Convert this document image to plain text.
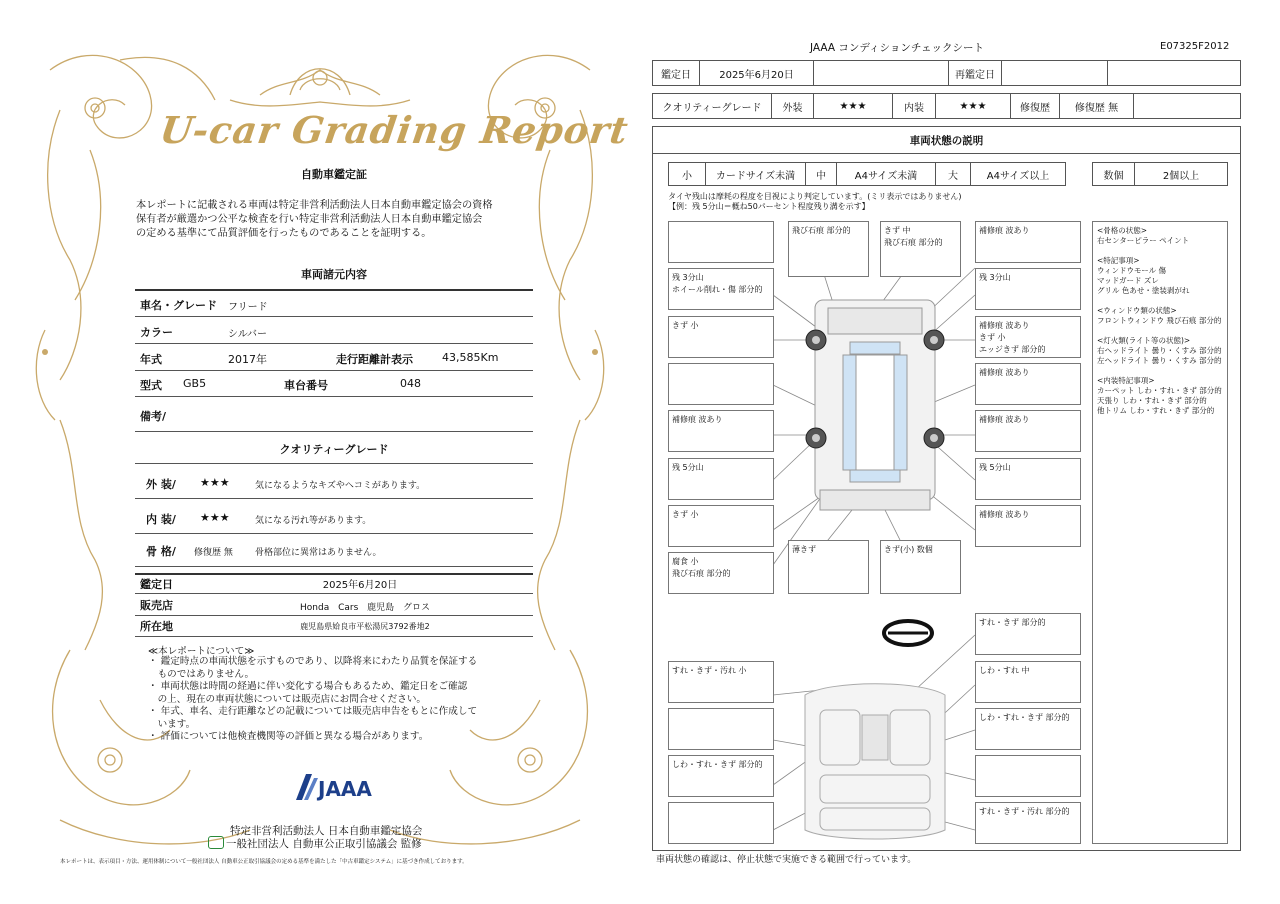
U-car Grading Report
自動車鑑定証
本レポートに記載される車両は特定非営利活動法人日本自動車鑑定協会の資格
保有者が厳選かつ公平な検査を行い特定非営利活動法人日本自動車鑑定協会
の定める基準にて品質評価を行ったものであることを証明する。
車両諸元内容
車名・グレード フリード
カラー	シルバー
年式	2017年	走行距離計表示	43,585Km
型式 GB5	車台番号	048
備考/
クオリティーグレード
外 装/ ★★★	気になるようなキズやヘコミがあります。
内 装/ ★★★	気になる汚れ等があります。
骨 格/ 修復歴 無 骨格部位に異常はありません。
鑑定日	2025年6月20日
販売店	Honda Cars 鹿児島 グロス
所在地	鹿児島県姶良市平松湯尻3792番地2
≪本レポートについて≫
・ 鑑定時点の車両状態を示すものであり、以降将来にわたり品質を保証する
　ものではありません。
・ 車両状態は時間の経過に伴い変化する場合もあるため、鑑定日をご確認
　の上、現在の車両状態については販売店にお問合せください。
・ 年式、車名、走行距離などの記載については販売店申告をもとに作成して
　います。
・ 評価については他検査機関等の評価と異なる場合があります。
JAAA
特定非営利活動法人 日本自動車鑑定協会
一般社団法人 自動車公正取引協議会 監修
本レポートは、表示項目・方法、運用体制について一般社団法人 自動車公正取引協議会の定める基準を満たした「中古車鑑定システム」に基づき作成しております。
JAAA コンディションチェックシート	E07325F2012
鑑定日	2025年6月20日	再鑑定日
クオリティーグレード	外装	★★★	内装	★★★	修復歴	修復歴 無
車両状態の説明
小	カードサイズ未満	中	A4サイズ未満	大	A4サイズ以上	数個	2個以上
タイヤ残山は摩耗の程度を目視により判定しています。(ミリ表示ではありません)
【例：残 5分山＝概ね50パーセント程度残り溝を示す】
飛び石痕 部分的	きず 中
飛び石痕 部分的
補修痕 波あり
残 3分山
ホイール削れ・傷 部分的
残 3分山
きず 小	補修痕 波あり
きず 小
エッジきず 部分的
補修痕 波あり
補修痕 波あり	補修痕 波あり
残 5分山	残 5分山
きず 小	補修痕 波あり
腐食 小
飛び石痕 部分的
薄きず	きず(小) 数個
すれ・きず 部分的
すれ・きず・汚れ 小	しわ・すれ 中
しわ・すれ・きず 部分的
しわ・すれ・きず 部分的
すれ・きず・汚れ 部分的
<骨格の状態>
右センターピラー ペイント

<特記事項>
ウィンドウモール 傷
マッドガード ズレ
グリル 色あせ・塗装剥がれ

<ウィンドウ類の状態>
フロントウィンドウ 飛び石痕 部分的

<灯火類(ライト等の状態)>
右ヘッドライト 曇り・くすみ 部分的
左ヘッドライト 曇り・くすみ 部分的

<内装特記事項>
カーペット しわ・すれ・きず 部分的
天張り しわ・すれ・きず 部分的
他トリム しわ・すれ・きず 部分的
車両状態の確認は、停止状態で実施できる範囲で行っています。
